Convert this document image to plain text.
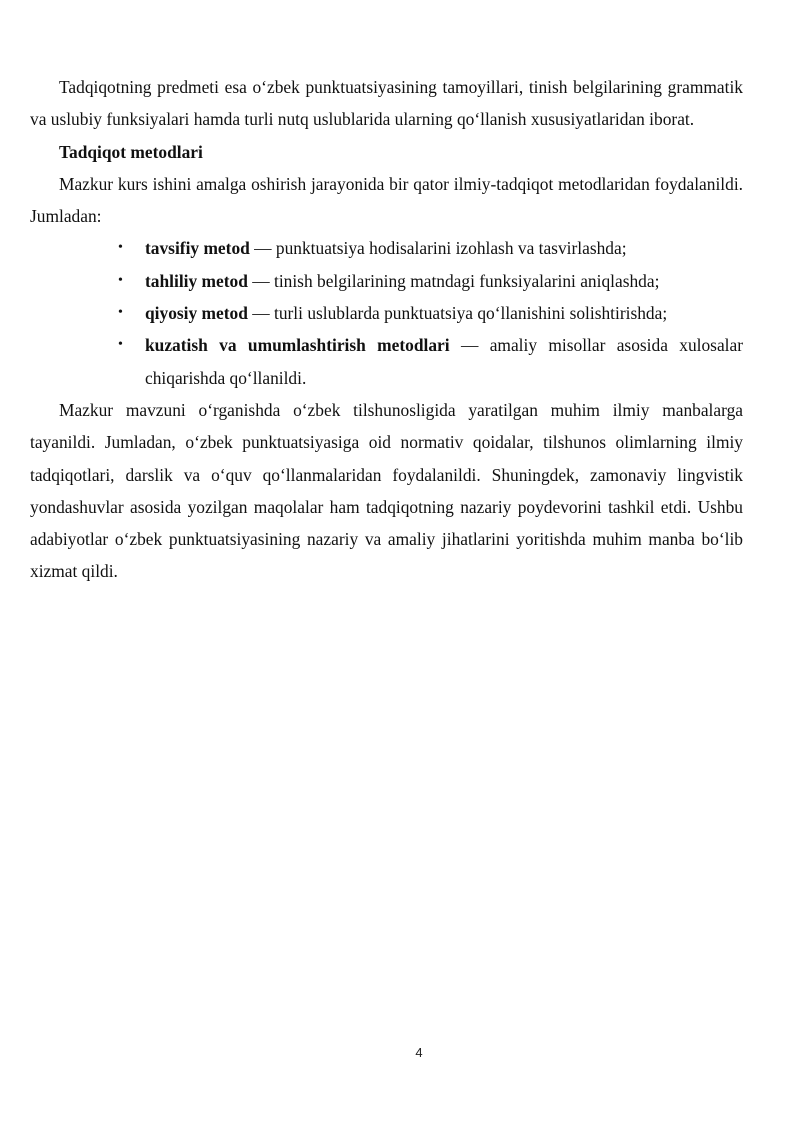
Tadqiqotning predmeti esa o‘zbek punktuatsiyasining tamoyillari, tinish belgilarining grammatik va uslubiy funksiyalari hamda turli nutq uslublarida ularning qo‘llanish xususiyatlaridan iborat.

Tadqiqot metodlari

Mazkur kurs ishini amalga oshirish jarayonida bir qator ilmiy-tadqiqot metodlaridan foydalanildi. Jumladan:

• tavsifiy metod — punktuatsiya hodisalarini izohlash va tasvirlashda;
• tahliliy metod — tinish belgilarining matndagi funksiyalarini aniqlashda;
• qiyosiy metod — turli uslublarda punktuatsiya qo‘llanishini solishtirishda;
• kuzatish va umumlashtirish metodlari — amaliy misollar asosida xulosalar chiqarishda qo‘llanildi.

Mazkur mavzuni o‘rganishda o‘zbek tilshunosligida yaratilgan muhim ilmiy manbalarga tayanildi. Jumladan, o‘zbek punktuatsiyasiga oid normativ qoidalar, tilshunos olimlarning ilmiy tadqiqotlari, darslik va o‘quv qo‘llanmalaridan foydalanildi. Shuningdek, zamonaviy lingvistik yondashuvlar asosida yozilgan maqolalar ham tadqiqotning nazariy poydevorini tashkil etdi. Ushbu adabiyotlar o‘zbek punktuatsiyasining nazariy va amaliy jihatlarini yoritishda muhim manba bo‘lib xizmat qildi.

4
